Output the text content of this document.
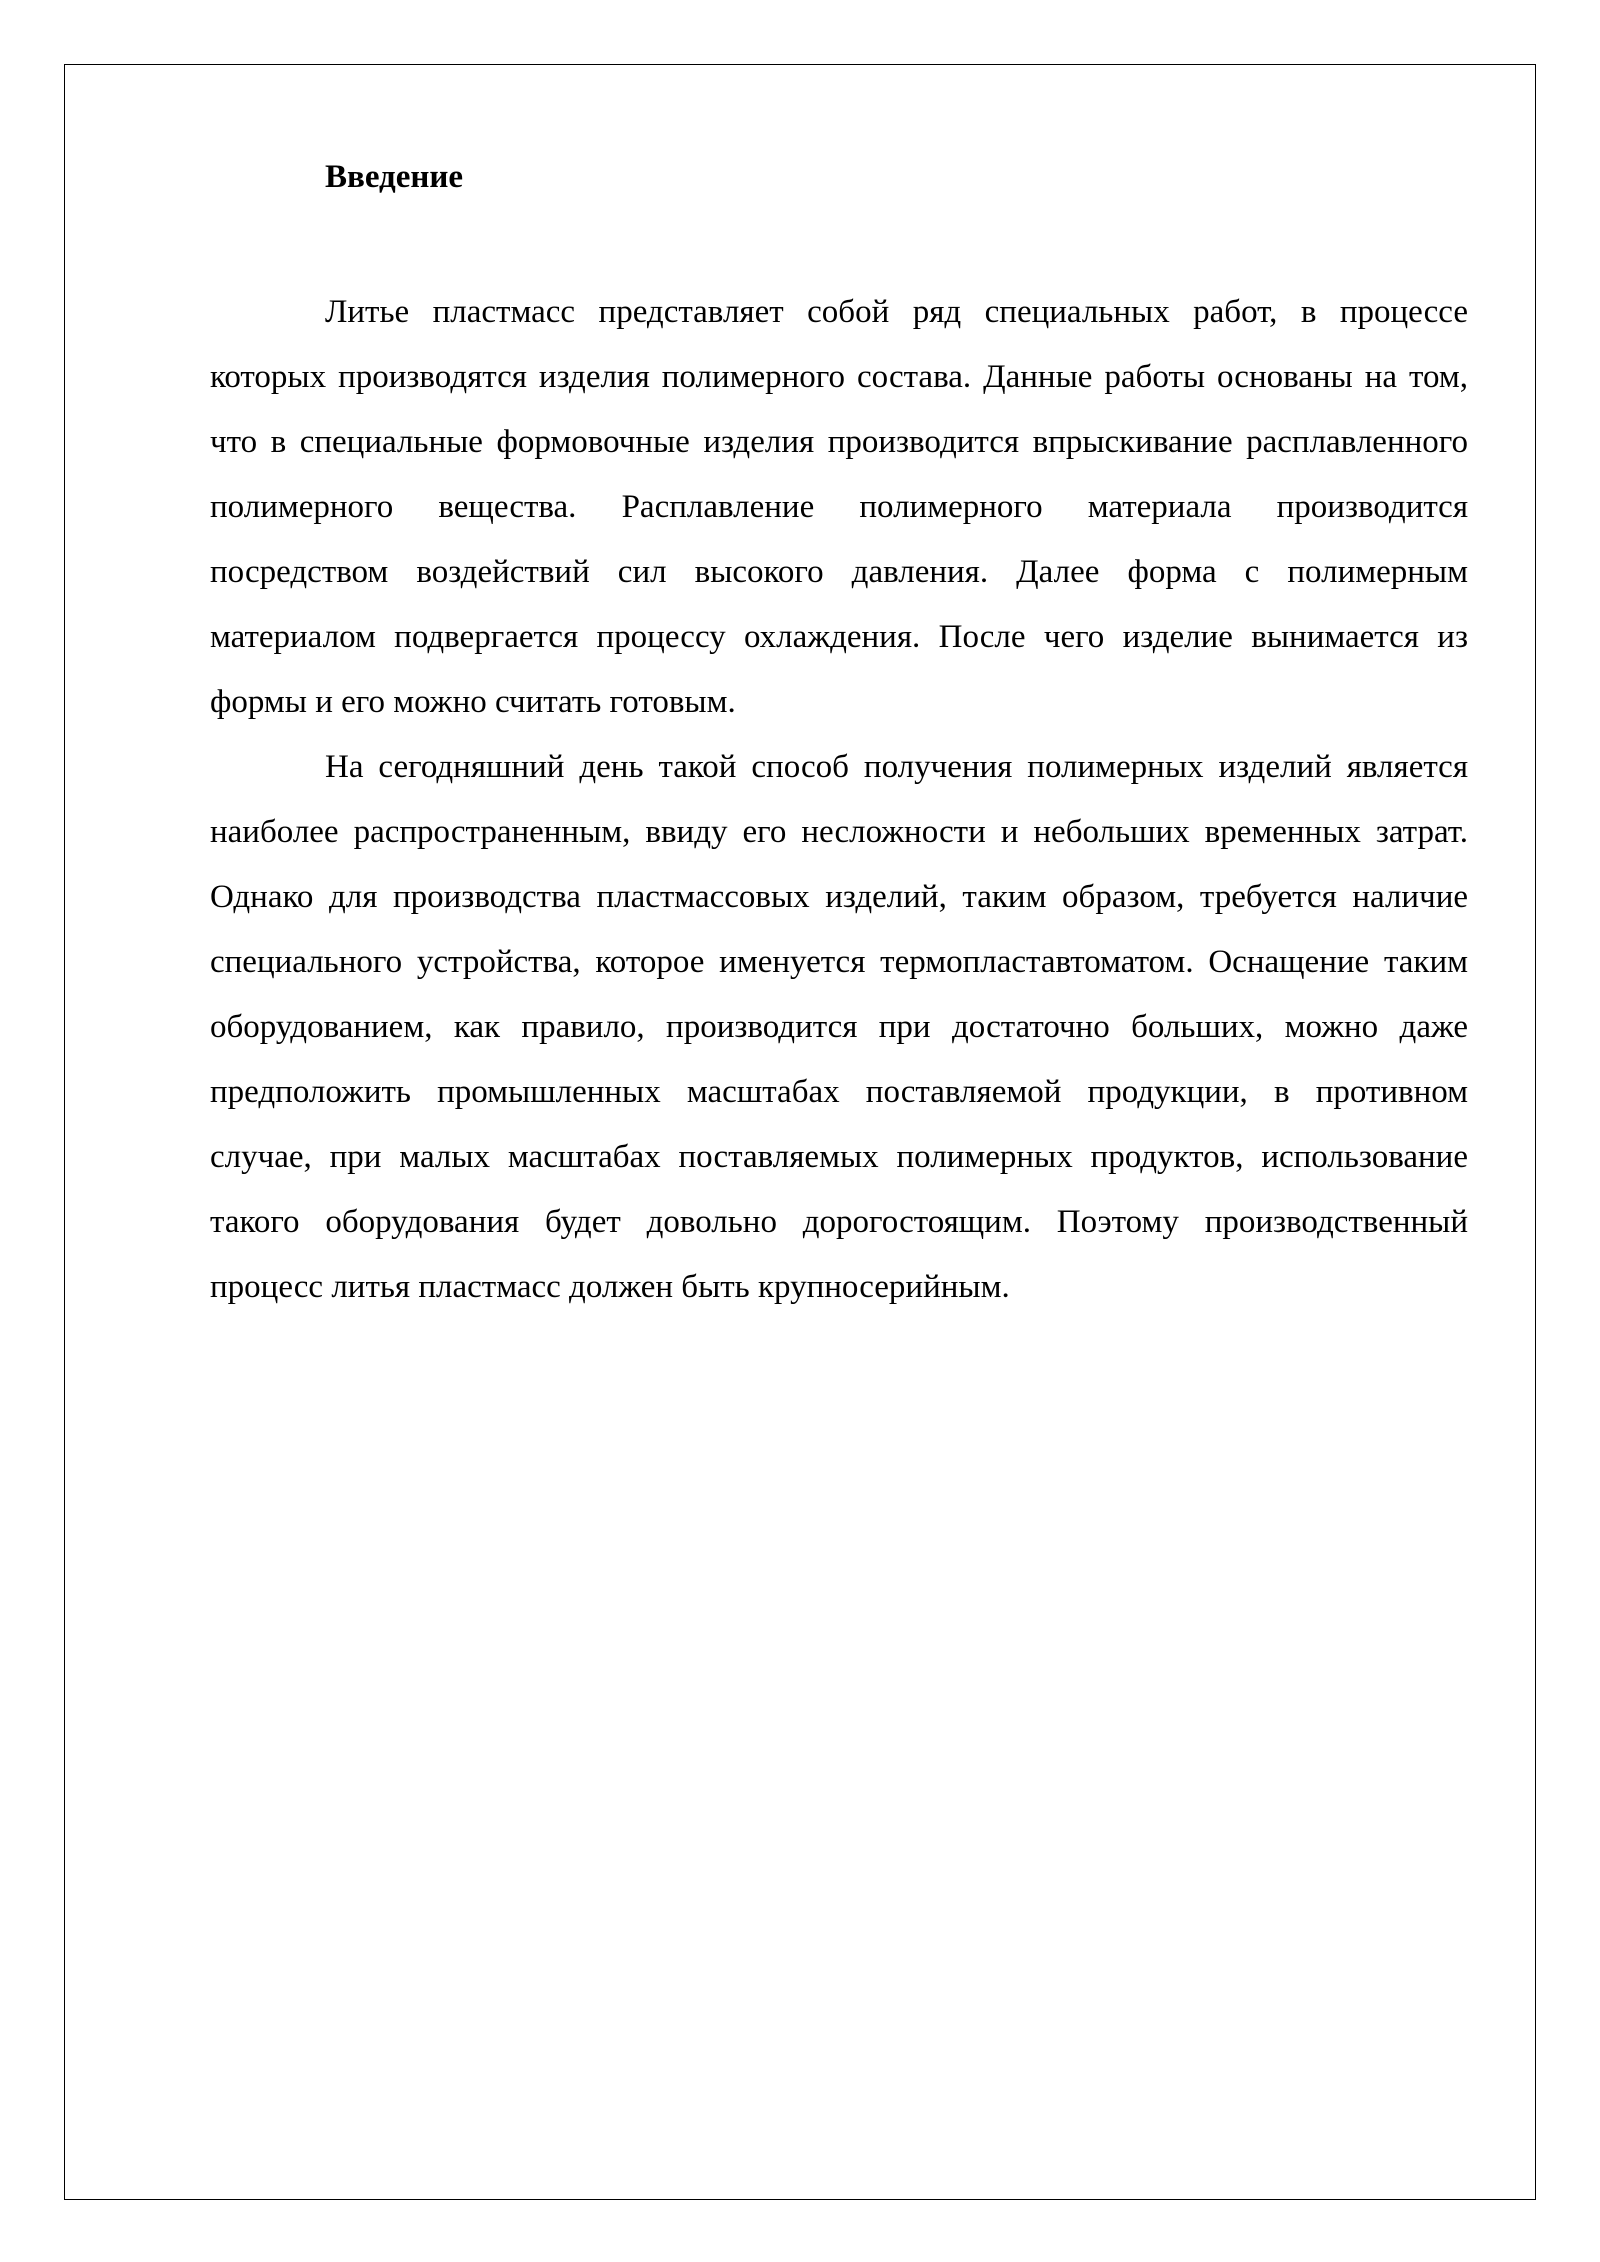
Введение

Литье пластмасс представляет собой ряд специальных работ, в процессе которых производятся изделия полимерного состава. Данные работы основаны на том, что в специальные формовочные изделия производится впрыскивание расплавленного полимерного вещества. Расплавление полимерного материала производится посредством воздействий сил высокого давления. Далее форма с полимерным материалом подвергается процессу охлаждения. После чего изделие вынимается из формы и его можно считать готовым.

На сегодняшний день такой способ получения полимерных изделий является наиболее распространенным, ввиду его несложности и небольших временных затрат. Однако для производства пластмассовых изделий, таким образом, требуется наличие специального устройства, которое именуется термопластавтоматом. Оснащение таким оборудованием, как правило, производится при достаточно больших, можно даже предположить промышленных масштабах поставляемой продукции, в противном случае, при малых масштабах поставляемых полимерных продуктов, использование такого оборудования будет довольно дорогостоящим. Поэтому производственный процесс литья пластмасс должен быть крупносерийным.
